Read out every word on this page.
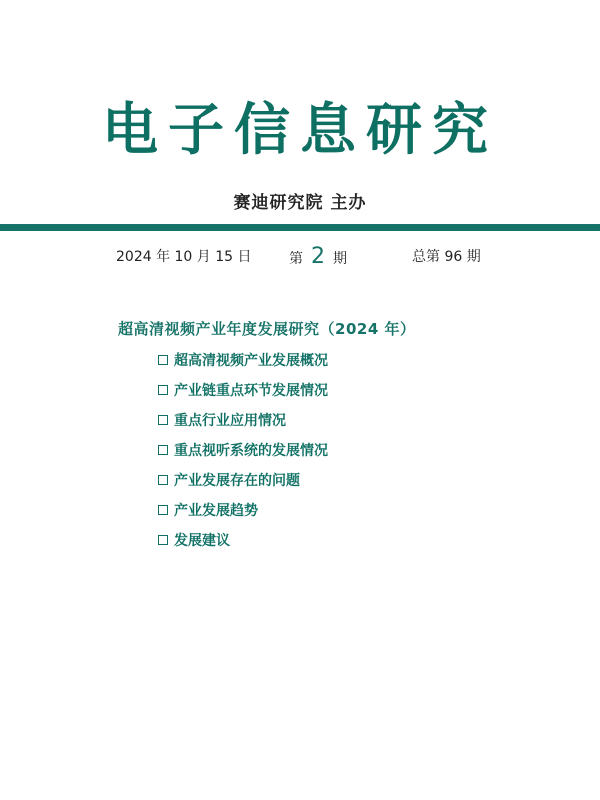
电子信息研究
赛迪研究院 主办
2024 年 10 月 15 日	第 2 期	总第 96 期
超高清视频产业年度发展研究（2024 年）
超高清视频产业发展概况
产业链重点环节发展情况
重点行业应用情况
重点视听系统的发展情况
产业发展存在的问题
产业发展趋势
发展建议
